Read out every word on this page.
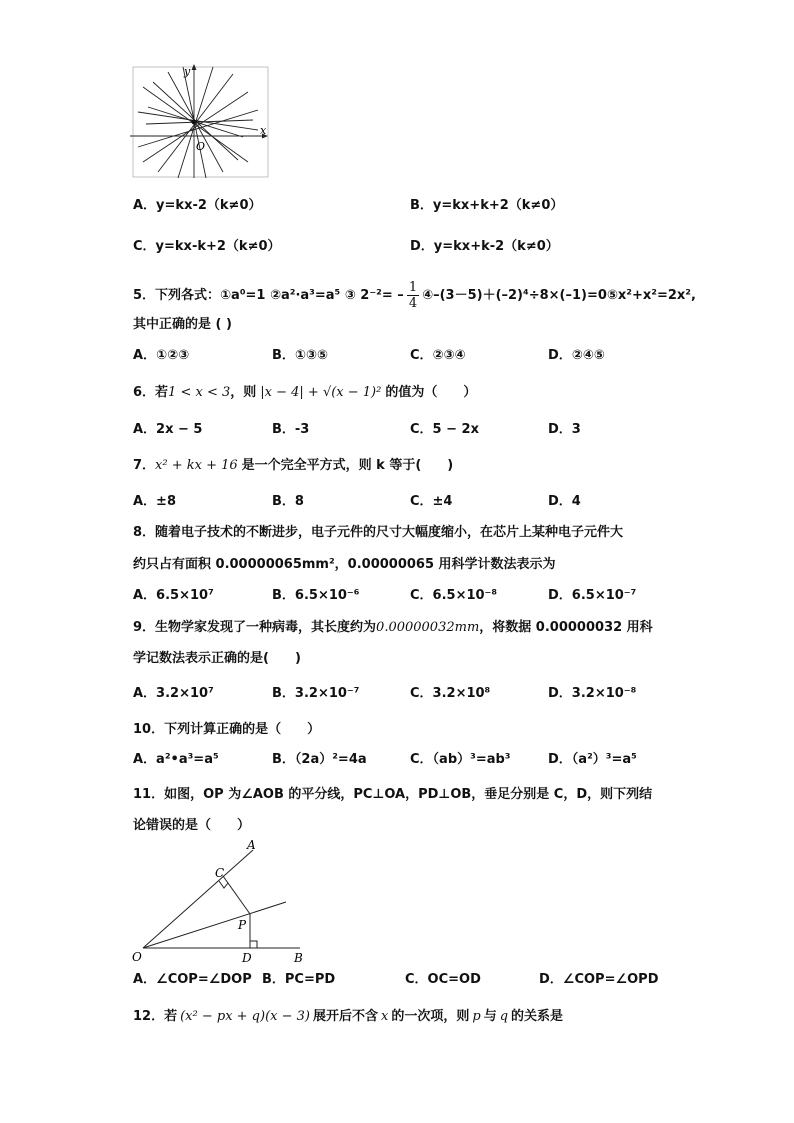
y
x
O
A．y=kx-2（k≠0）	B．y=kx+k+2（k≠0）
C．y=kx-k+2（k≠0）	D．y=kx+k-2（k≠0）
5．下列各式：①a⁰=1 ②a²·a³=a⁵ ③ $2^{-2}= - \frac{1}{4}$ ④–(3－5)＋(–2)⁴÷8×(–1)=0⑤x²+x²=2x²,
其中正确的是 ( )
A．①②③	B．①③⑤	C．②③④	D．②④⑤
6．若1 < x < 3，则 |x − 4| + √(x − 1)² 的值为（　　）
A．2x − 5	B．-3	C．5 − 2x	D．3
7．x² + kx + 16 是一个完全平方式，则 k 等于(　　)
A．±8	B．8	C．±4	D．4
8．随着电子技术的不断进步，电子元件的尺寸大幅度缩小，在芯片上某种电子元件大
约只占有面积 0.00000065mm²，0.00000065 用科学计数法表示为
A．6.5×10⁷	B．6.5×10⁻⁶	C．6.5×10⁻⁸	D．6.5×10⁻⁷
9．生物学家发现了一种病毒，其长度约为0.00000032mm，将数据 0.00000032 用科
学记数法表示正确的是(　　)
A．3.2×10⁷	B．3.2×10⁻⁷	C．3.2×10⁸	D．3.2×10⁻⁸
10．下列计算正确的是（　　）
A．a²•a³=a⁵	B．（2a）²=4a	C．（ab）³=ab³	D．（a²）³=a⁵
11．如图，OP 为∠AOB 的平分线，PC⊥OA，PD⊥OB，垂足分别是 C，D，则下列结
论错误的是（　　）
A
C
P
O	D	B
A．∠COP=∠DOP B．PC=PD	C．OC=OD	D．∠COP=∠OPD
12．若 (x² − px + q)(x − 3) 展开后不含 x 的一次项，则 p 与 q 的关系是
